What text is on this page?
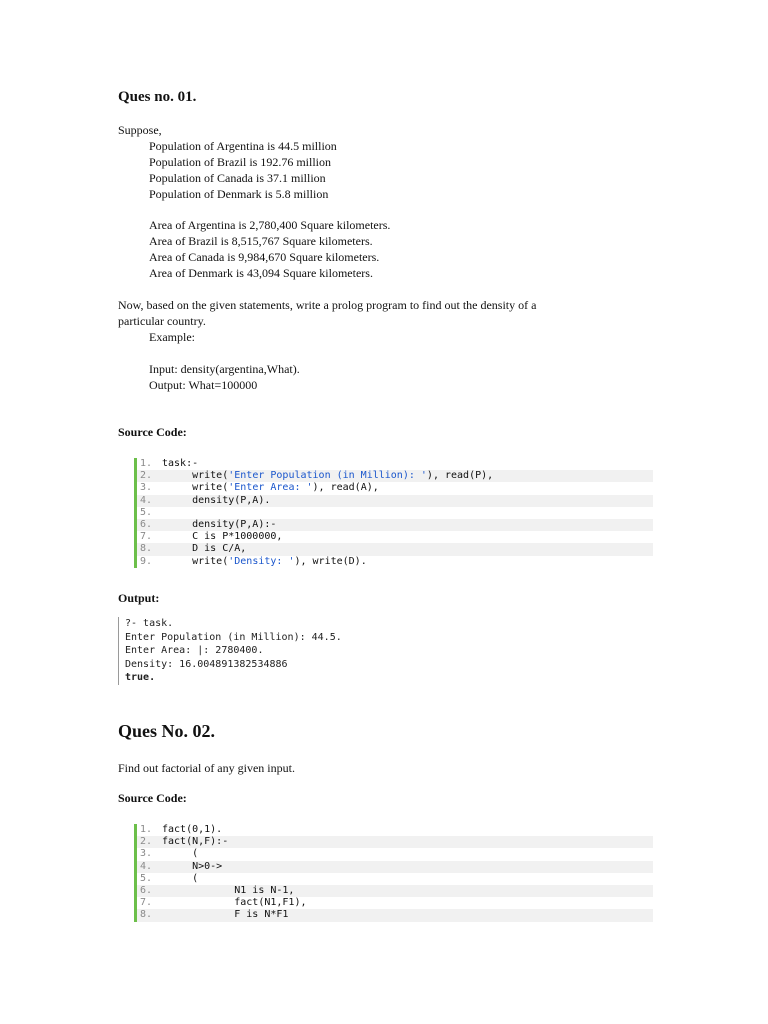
Ques no. 01.
Suppose,
Population of Argentina is 44.5 million
Population of Brazil is 192.76 million
Population of Canada is 37.1 million
Population of Denmark is 5.8 million
Area of Argentina is 2,780,400 Square kilometers.
Area of Brazil is 8,515,767 Square kilometers.
Area of Canada is 9,984,670 Square kilometers.
Area of Denmark is 43,094 Square kilometers.
Now, based on the given statements, write a prolog program to find out the density of a
particular country.
Example:
Input: density(argentina,What).
Output: What=100000
Source Code:
1. task:-
2.     write('Enter Population (in Million): '), read(P),
3.     write('Enter Area: '), read(A),
4.     density(P,A).
5.
6.     density(P,A):-
7.     C is P*1000000,
8.     D is C/A,
9.     write('Density: '), write(D).
Output:
?- task.
Enter Population (in Million): 44.5.
Enter Area: |: 2780400.
Density: 16.004891382534886
true.
Ques No. 02.
Find out factorial of any given input.
Source Code:
1. fact(0,1).
2. fact(N,F):-
3.     (
4.     N>0->
5.     (
6.            N1 is N-1,
7.            fact(N1,F1),
8.            F is N*F1
